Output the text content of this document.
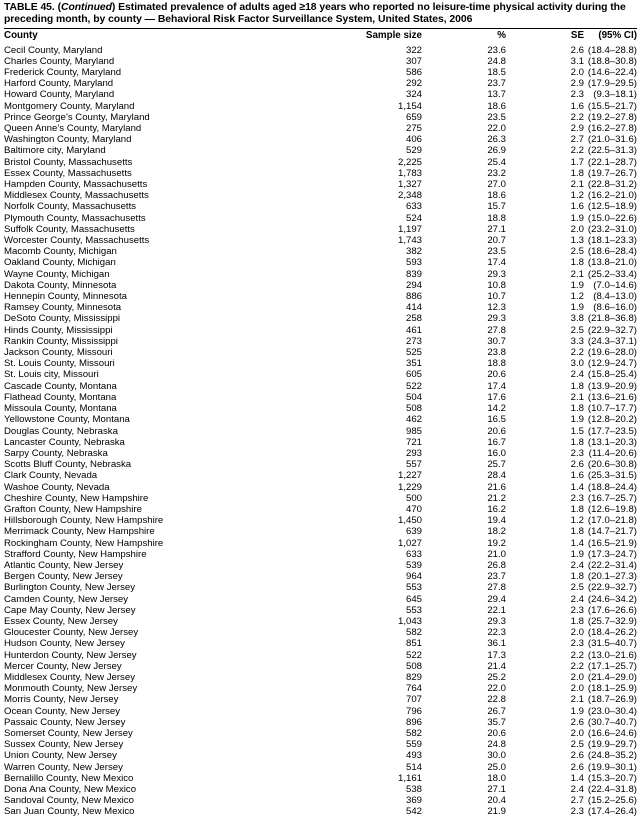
TABLE 45. (Continued) Estimated prevalence of adults aged ≥18 years who reported no leisure-time physical activity during the preceding month, by county — Behavioral Risk Factor Surveillance System, United States, 2006
County	Sample size	%	SE	(95% CI)
Cecil County, Maryland	322	23.6	2.6	(18.4–28.8)
Charles County, Maryland	307	24.8	3.1	(18.8–30.8)
Frederick County, Maryland	586	18.5	2.0	(14.6–22.4)
Harford County, Maryland	292	23.7	2.9	(17.9–29.5)
Howard County, Maryland	324	13.7	2.3	(9.3–18.1)
Montgomery County, Maryland	1,154	18.6	1.6	(15.5–21.7)
Prince George’s County, Maryland	659	23.5	2.2	(19.2–27.8)
Queen Anne’s County, Maryland	275	22.0	2.9	(16.2–27.8)
Washington County, Maryland	406	26.3	2.7	(21.0–31.6)
Baltimore city, Maryland	529	26.9	2.2	(22.5–31.3)
Bristol County, Massachusetts	2,225	25.4	1.7	(22.1–28.7)
Essex County, Massachusetts	1,783	23.2	1.8	(19.7–26.7)
Hampden County, Massachusetts	1,327	27.0	2.1	(22.8–31.2)
Middlesex County, Massachusetts	2,348	18.6	1.2	(16.2–21.0)
Norfolk County, Massachusetts	633	15.7	1.6	(12.5–18.9)
Plymouth County, Massachusetts	524	18.8	1.9	(15.0–22.6)
Suffolk County, Massachusetts	1,197	27.1	2.0	(23.2–31.0)
Worcester County, Massachusetts	1,743	20.7	1.3	(18.1–23.3)
Macomb County, Michigan	382	23.5	2.5	(18.6–28.4)
Oakland County, Michigan	593	17.4	1.8	(13.8–21.0)
Wayne County, Michigan	839	29.3	2.1	(25.2–33.4)
Dakota County, Minnesota	294	10.8	1.9	(7.0–14.6)
Hennepin County, Minnesota	886	10.7	1.2	(8.4–13.0)
Ramsey County, Minnesota	414	12.3	1.9	(8.6–16.0)
DeSoto County, Mississippi	258	29.3	3.8	(21.8–36.8)
Hinds County, Mississippi	461	27.8	2.5	(22.9–32.7)
Rankin County, Mississippi	273	30.7	3.3	(24.3–37.1)
Jackson County, Missouri	525	23.8	2.2	(19.6–28.0)
St. Louis County, Missouri	351	18.8	3.0	(12.9–24.7)
St. Louis city, Missouri	605	20.6	2.4	(15.8–25.4)
Cascade County, Montana	522	17.4	1.8	(13.9–20.9)
Flathead County, Montana	504	17.6	2.1	(13.6–21.6)
Missoula County, Montana	508	14.2	1.8	(10.7–17.7)
Yellowstone County, Montana	462	16.5	1.9	(12.8–20.2)
Douglas County, Nebraska	985	20.6	1.5	(17.7–23.5)
Lancaster County, Nebraska	721	16.7	1.8	(13.1–20.3)
Sarpy County, Nebraska	293	16.0	2.3	(11.4–20.6)
Scotts Bluff County, Nebraska	557	25.7	2.6	(20.6–30.8)
Clark County, Nevada	1,227	28.4	1.6	(25.3–31.5)
Washoe County, Nevada	1,229	21.6	1.4	(18.8–24.4)
Cheshire County, New Hampshire	500	21.2	2.3	(16.7–25.7)
Grafton County, New Hampshire	470	16.2	1.8	(12.6–19.8)
Hillsborough County, New Hampshire	1,450	19.4	1.2	(17.0–21.8)
Merrimack County, New Hampshire	639	18.2	1.8	(14.7–21.7)
Rockingham County, New Hampshire	1,027	19.2	1.4	(16.5–21.9)
Strafford County, New Hampshire	633	21.0	1.9	(17.3–24.7)
Atlantic County, New Jersey	539	26.8	2.4	(22.2–31.4)
Bergen County, New Jersey	964	23.7	1.8	(20.1–27.3)
Burlington County, New Jersey	553	27.8	2.5	(22.9–32.7)
Camden County, New Jersey	645	29.4	2.4	(24.6–34.2)
Cape May County, New Jersey	553	22.1	2.3	(17.6–26.6)
Essex County, New Jersey	1,043	29.3	1.8	(25.7–32.9)
Gloucester County, New Jersey	582	22.3	2.0	(18.4–26.2)
Hudson County, New Jersey	851	36.1	2.3	(31.5–40.7)
Hunterdon County, New Jersey	522	17.3	2.2	(13.0–21.6)
Mercer County, New Jersey	508	21.4	2.2	(17.1–25.7)
Middlesex County, New Jersey	829	25.2	2.0	(21.4–29.0)
Monmouth County, New Jersey	764	22.0	2.0	(18.1–25.9)
Morris County, New Jersey	707	22.8	2.1	(18.7–26.9)
Ocean County, New Jersey	796	26.7	1.9	(23.0–30.4)
Passaic County, New Jersey	896	35.7	2.6	(30.7–40.7)
Somerset County, New Jersey	582	20.6	2.0	(16.6–24.6)
Sussex County, New Jersey	559	24.8	2.5	(19.9–29.7)
Union County, New Jersey	493	30.0	2.6	(24.8–35.2)
Warren County, New Jersey	514	25.0	2.6	(19.9–30.1)
Bernalillo County, New Mexico	1,161	18.0	1.4	(15.3–20.7)
Dona Ana County, New Mexico	538	27.1	2.4	(22.4–31.8)
Sandoval County, New Mexico	369	20.4	2.7	(15.2–25.6)
San Juan County, New Mexico	542	21.9	2.3	(17.4–26.4)
